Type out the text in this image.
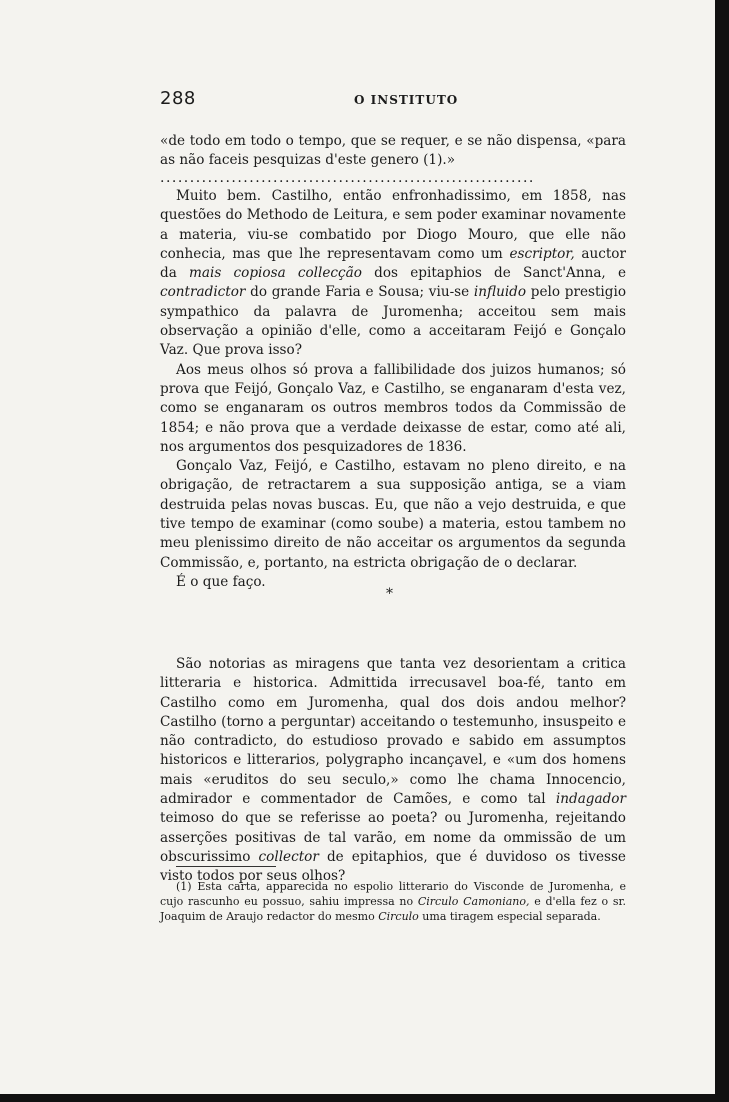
288	O INSTITUTO

«de todo em todo o tempo, que se requer, e se não dispensa, «para as não faceis pesquizas d'este genero (1).»

...............................................................

Muito bem. Castilho, então enfronhadissimo, em 1858, nas questões do Methodo de Leitura, e sem poder examinar novamente a materia, viu-se combatido por Diogo Mouro, que elle não conhecia, mas que lhe representavam como um escriptor, auctor da mais copiosa collecção dos epitaphios de Sanct'Anna, e contradictor do grande Faria e Sousa; viu-se influido pelo prestigio sympathico da palavra de Juromenha; acceitou sem mais observação a opinião d'elle, como a acceitaram Feijó e Gonçalo Vaz. Que prova isso?

Aos meus olhos só prova a fallibilidade dos juizos humanos; só prova que Feijó, Gonçalo Vaz, e Castilho, se enganaram d'esta vez, como se enganaram os outros membros todos da Commissão de 1854; e não prova que a verdade deixasse de estar, como até ali, nos argumentos dos pesquizadores de 1836.

Gonçalo Vaz, Feijó, e Castilho, estavam no pleno direito, e na obrigação, de retractarem a sua supposição antiga, se a viam destruida pelas novas buscas. Eu, que não a vejo destruida, e que tive tempo de examinar (como soube) a materia, estou tambem no meu plenissimo direito de não acceitar os argumentos da segunda Commissão, e, portanto, na estricta obrigação de o declarar.

É o que faço.

*

São notorias as miragens que tanta vez desorientam a critica litteraria e historica. Admittida irrecusavel boa-fé, tanto em Castilho como em Juromenha, qual dos dois andou melhor? Castilho (torno a perguntar) acceitando o testemunho, insuspeito e não contradicto, do estudioso provado e sabido em assumptos historicos e litterarios, polygrapho incançavel, e «um dos homens mais «eruditos do seu seculo,» como lhe chama Innocencio, admirador e commentador de Camões, e como tal indagador teimoso do que se referisse ao poeta? ou Juromenha, rejeitando asserções positivas de tal varão, em nome da ommissão de um obscurissimo collector de epitaphios, que é duvidoso os tivesse visto todos por seus olhos?

(1) Esta carta, apparecida no espolio litterario do Visconde de Juromenha, e cujo rascunho eu possuo, sahiu impressa no Circulo Camoniano, e d'ella fez o sr. Joaquim de Araujo redactor do mesmo Circulo uma tiragem especial separada.
